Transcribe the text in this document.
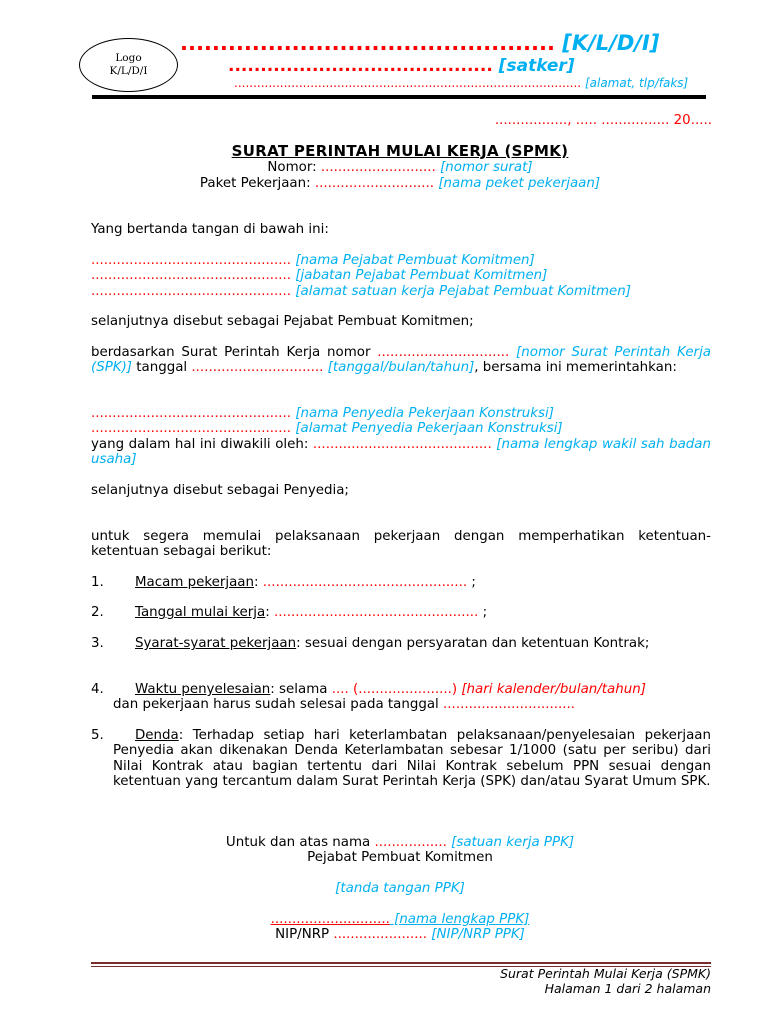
Logo
K/L/D/I
............................................... [K/L/D/I]
......................................... [satker]
........................................................................................... [alamat, tlp/faks]
................., ..... ................ 20.....
SURAT PERINTAH MULAI KERJA (SPMK)
Nomor: ........................... [nomor surat]
Paket Pekerjaan: ............................ [nama peket pekerjaan]
Yang bertanda tangan di bawah ini:
............................................... [nama Pejabat Pembuat Komitmen]
............................................... [jabatan Pejabat Pembuat Komitmen]
............................................... [alamat satuan kerja Pejabat Pembuat Komitmen]
selanjutnya disebut sebagai Pejabat Pembuat Komitmen;
berdasarkan Surat Perintah Kerja nomor ............................... [nomor Surat Perintah Kerja (SPK)] tanggal ............................... [tanggal/bulan/tahun], bersama ini memerintahkan:
............................................... [nama Penyedia Pekerjaan Konstruksi]
............................................... [alamat Penyedia Pekerjaan Konstruksi]
yang dalam hal ini diwakili oleh: .......................................... [nama lengkap wakil sah badan usaha]
selanjutnya disebut sebagai Penyedia;
untuk segera memulai pelaksanaan pekerjaan dengan memperhatikan ketentuan-ketentuan sebagai berikut:
1.	Macam pekerjaan: ................................................ ;
2.	Tanggal mulai kerja: ................................................ ;
3.	Syarat-syarat pekerjaan: sesuai dengan persyaratan dan ketentuan Kontrak;
4.	Waktu penyelesaian: selama .... (......................) [hari kalender/bulan/tahun]
dan pekerjaan harus sudah selesai pada tanggal ...............................
5.	Denda: Terhadap setiap hari keterlambatan pelaksanaan/penyelesaian pekerjaan Penyedia akan dikenakan Denda Keterlambatan sebesar 1/1000 (satu per seribu) dari Nilai Kontrak atau bagian tertentu dari Nilai Kontrak sebelum PPN sesuai dengan ketentuan yang tercantum dalam Surat Perintah Kerja (SPK) dan/atau Syarat Umum SPK.
Untuk dan atas nama ................. [satuan kerja PPK]
Pejabat Pembuat Komitmen
[tanda tangan PPK]
............................ [nama lengkap PPK]
NIP/NRP ...................... [NIP/NRP PPK]
Surat Perintah Mulai Kerja (SPMK)
Halaman 1 dari 2 halaman
